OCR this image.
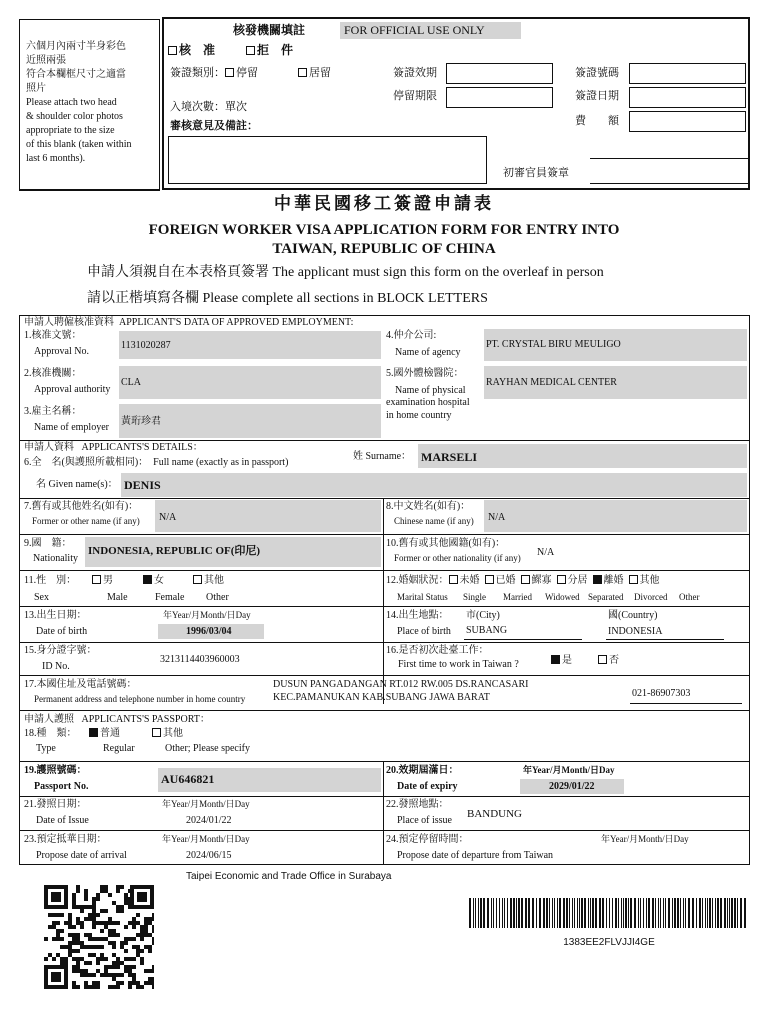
六個月內兩寸半身彩色
近照兩張
符合本欄框尺寸之適當
照片
Please attach two head
& shoulder color photos
appropriate to the size
of this blank (taken within
last 6 months).
核發機關填註	FOR OFFICIAL USE ONLY
核　准	拒　件
簽證類別： 停留	居留	簽證效期
停留期限
簽證號碼
簽證日期
費　　額
入境次數：單次
審核意見及備註：
初審官員簽章
中華民國移工簽證申請表
FOREIGN WORKER VISA APPLICATION FORM FOR ENTRY INTO
TAIWAN, REPUBLIC OF CHINA
申請人須親自在本表格頁簽署 The applicant must sign this form on the overleaf in person
請以正楷填寫各欄 Please complete all sections in BLOCK LETTERS
申請人聘僱核准資料 APPLICANT'S DATA OF APPROVED EMPLOYMENT:
1.核准文號：
Approval No.
1131020287
2.核准機關：
Approval authority
CLA
3.雇主名稱：
Name of employer
黃珩珍君
4.仲介公司:
Name of agency
PT. CRYSTAL BIRU MEULIGO
5.國外體檢醫院：
Name of physical
examination hospital
in home country
RAYHAN MEDICAL CENTER
申請人資料 APPLICANTS'S DETAILS：
6.全　名(與護照所載相同)： Full name (exactly as in passport)
姓 Surname： MARSELI
名 Given name(s)： DENIS
7.舊有或其他姓名(如有)：
Former or other name (if any) N/A
8.中文姓名(如有)：
Chinese name (if any) N/A
9.國　籍：
Nationality
INDONESIA, REPUBLIC OF(印尼)
10.舊有或其他國籍(如有)：
Former or other nationality (if any) N/A
11.性　別：	男	女	其他
Sex	Male	Female Other
12.婚姻狀況： 未婚 已婚 鰥寡 分居 離婚 其他
Marital Status Single Married Widowed Separated Divorced Other
13.出生日期：
Date of birth
年Year/月Month/日Day
1996/03/04
14.出生地點：
Place of birth
市(City)	國(Country)
SUBANG	INDONESIA
15.身分證字號：
ID No.
3213114403960003
16.是否初次赴臺工作：
First time to work in Taiwan ?	是	否
17.本國住址及電話號碼：
Permanent address and telephone number in home country
DUSUN PANGADANGAN RT.012 RW.005 DS.RANCASARI
KEC.PAMANUKAN KAB.SUBANG JAWA BARAT	021-86907303
申請人護照 APPLICANTS'S PASSPORT：
18.種　類：	普通	其他
Type	Regular	Other; Please specify
19.護照號碼：
Passport No.
AU646821
20.效期屆滿日：
Date of expiry
年Year/月Month/日Day
2029/01/22
21.發照日期：
Date of Issue
年Year/月Month/日Day
2024/01/22
22.發照地點：
Place of issue
BANDUNG
23.預定抵華日期：
Propose date of arrival
年Year/月Month/日Day
2024/06/15
24.預定停留時間：
Propose date of departure from Taiwan
年Year/月Month/日Day
Taipei Economic and Trade Office in Surabaya
1383EE2FLVJJI4GE
